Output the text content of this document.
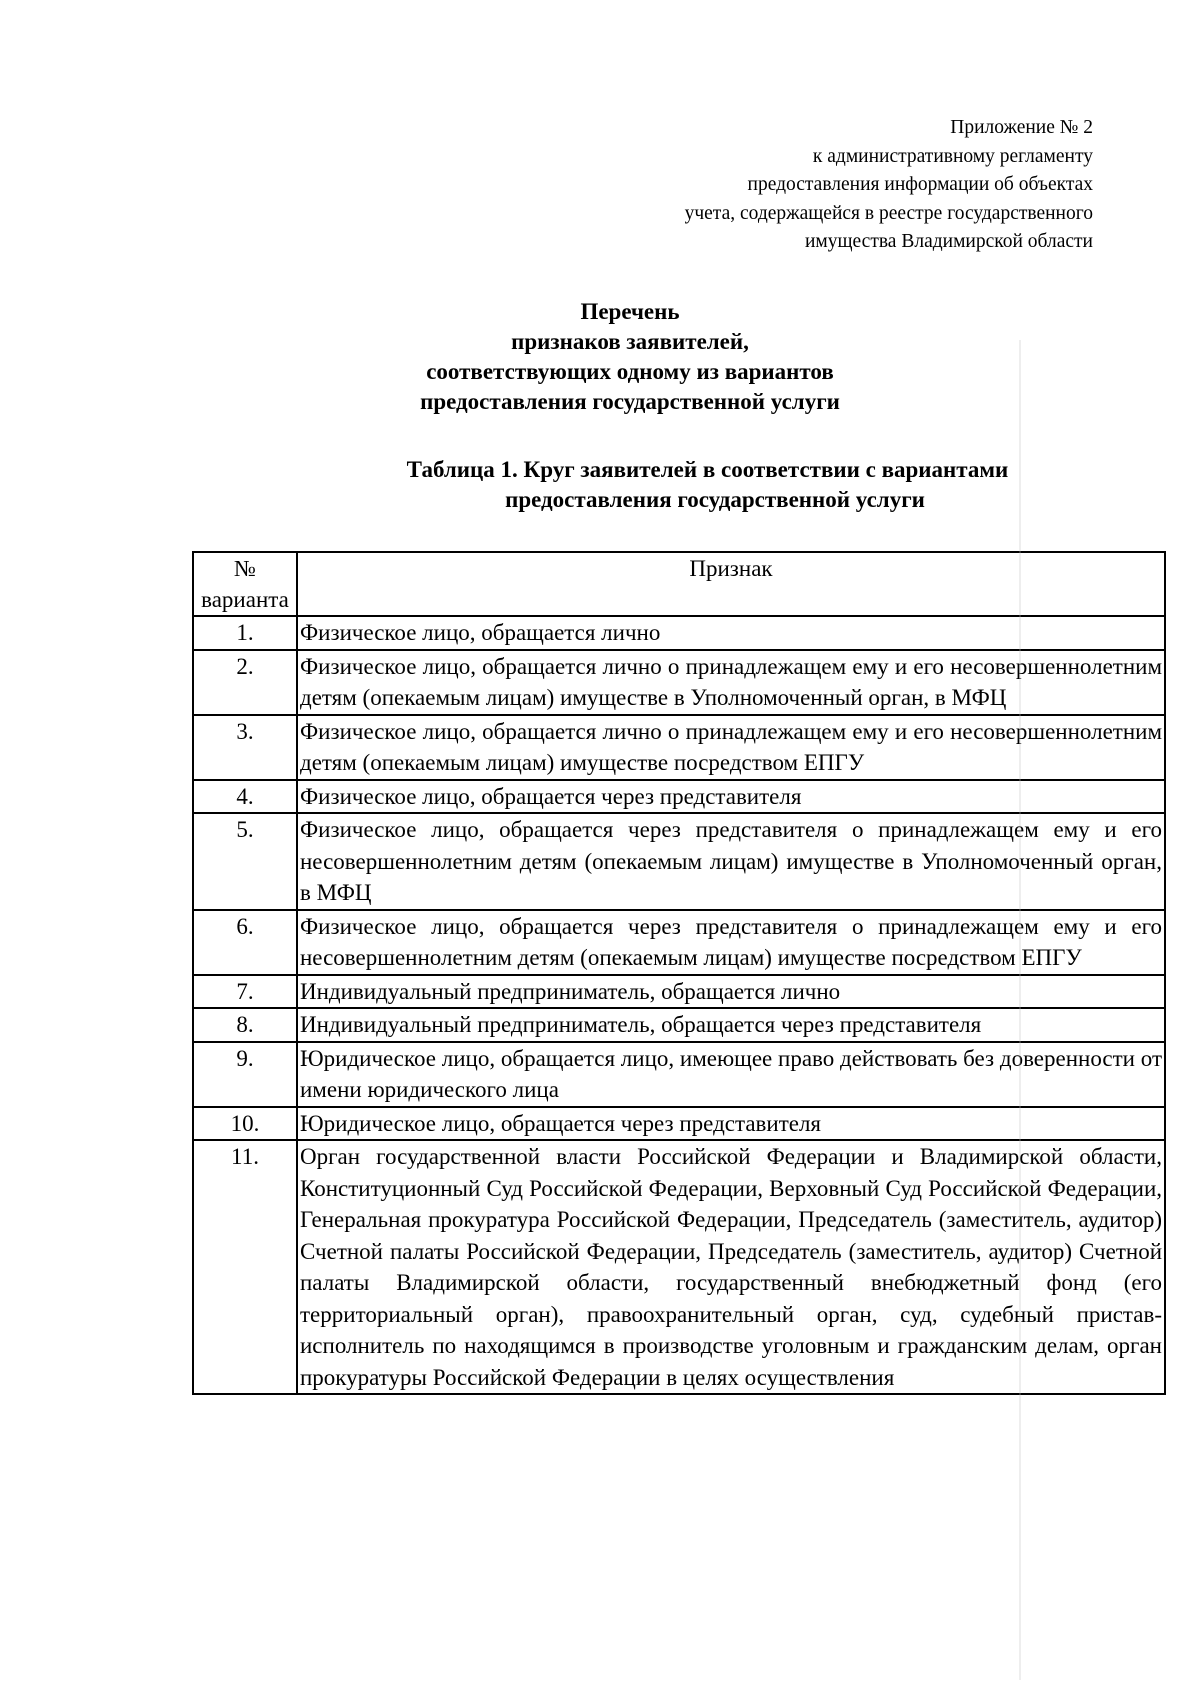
Приложение № 2
к административному регламенту
предоставления информации об объектах
учета, содержащейся в реестре государственного
имущества Владимирской области
Перечень
признаков заявителей,
соответствующих одному из вариантов
предоставления государственной услуги
Таблица 1. Круг заявителей в соответствии с вариантами
предоставления государственной услуги
№
варианта	Признак
1.	Физическое лицо, обращается лично
2.	Физическое лицо, обращается лично о принадлежащем ему и его несовершеннолетним детям (опекаемым лицам) имуществе в Уполномоченный орган, в МФЦ
3.	Физическое лицо, обращается лично о принадлежащем ему и его несовершеннолетним детям (опекаемым лицам) имуществе посредством ЕПГУ
4.	Физическое лицо, обращается через представителя
5.	Физическое лицо, обращается через представителя о принадлежащем ему и его несовершеннолетним детям (опекаемым лицам) имуществе в Уполномоченный орган, в МФЦ
6.	Физическое лицо, обращается через представителя о принадлежащем ему и его несовершеннолетним детям (опекаемым лицам) имуществе посредством ЕПГУ
7.	Индивидуальный предприниматель, обращается лично
8.	Индивидуальный предприниматель, обращается через представителя
9.	Юридическое лицо, обращается лицо, имеющее право действовать без доверенности от имени юридического лица
10.	Юридическое лицо, обращается через представителя
11.	Орган государственной власти Российской Федерации и Владимирской области, Конституционный Суд Российской Федерации, Верховный Суд Российской Федерации, Генеральная прокуратура Российской Федерации, Председатель (заместитель, аудитор) Счетной палаты Российской Федерации, Председатель (заместитель, аудитор) Счетной палаты Владимирской области, государственный внебюджетный фонд (его территориальный орган), правоохранительный орган, суд, судебный пристав-исполнитель по находящимся в производстве уголовным и гражданским делам, орган прокуратуры Российской Федерации в целях осуществления
